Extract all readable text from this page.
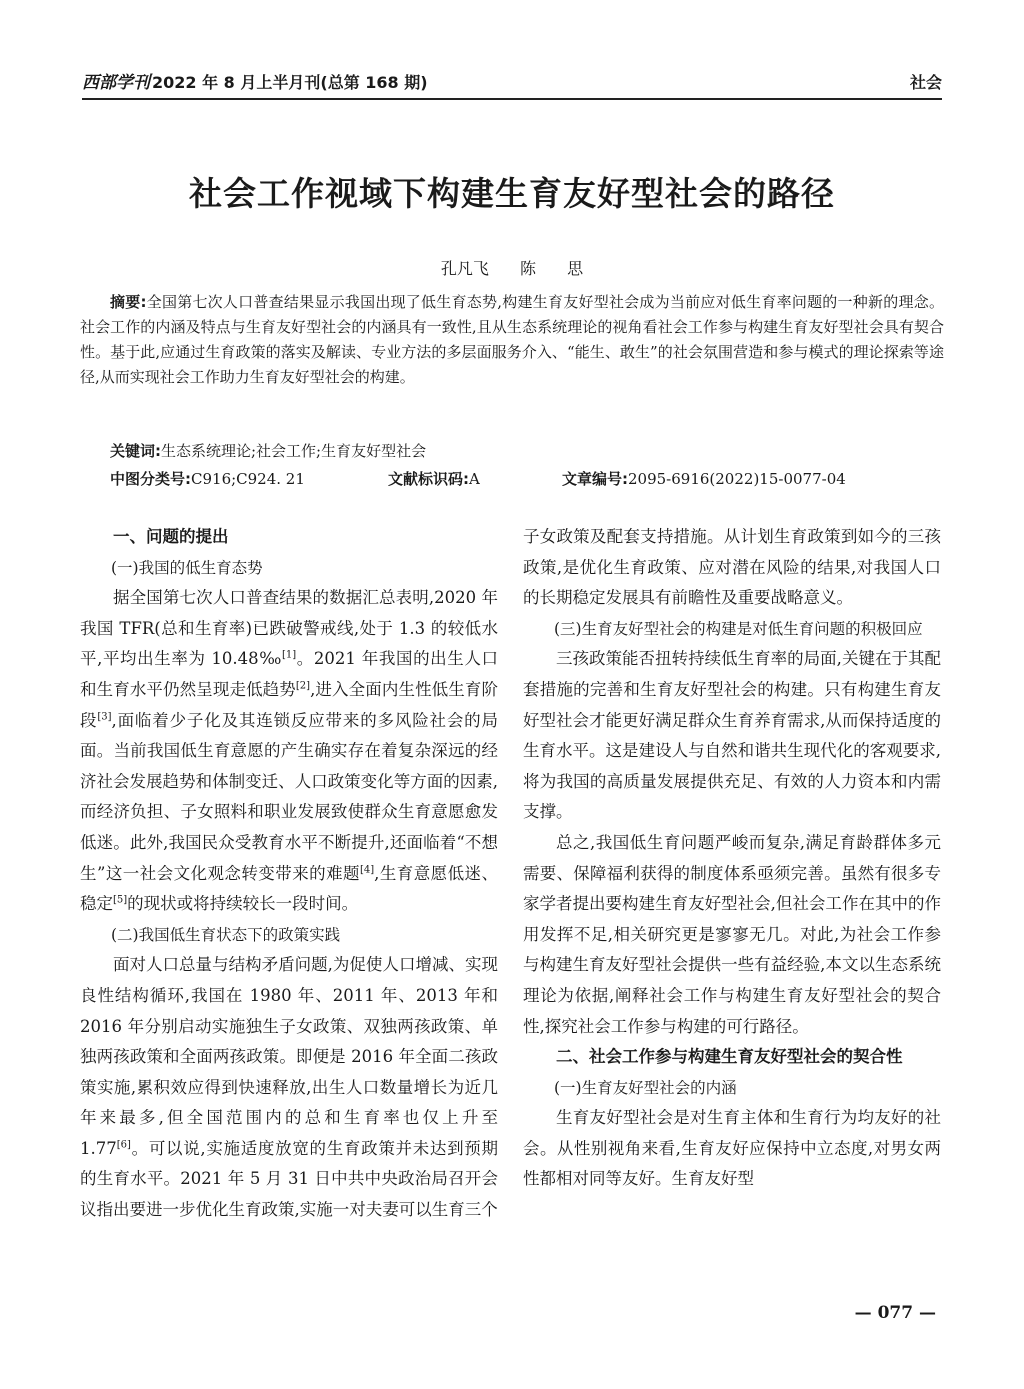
西部学刊 2022 年 8 月上半月刊(总第 168 期)	社会
社会工作视域下构建生育友好型社会的路径
孔凡飞 陈 思
摘要:全国第七次人口普查结果显示我国出现了低生育态势,构建生育友好型社会成为当前应对低生育率问题的一种新的理念。社会工作的内涵及特点与生育友好型社会的内涵具有一致性,且从生态系统理论的视角看社会工作参与构建生育友好型社会具有契合性。基于此,应通过生育政策的落实及解读、专业方法的多层面服务介入、“能生、敢生”的社会氛围营造和参与模式的理论探索等途径,从而实现社会工作助力生育友好型社会的构建。
关键词:生态系统理论;社会工作;生育友好型社会
中图分类号:C916;C924. 21	文献标识码:A	文章编号:2095-6916(2022)15-0077-04
一、问题的提出
(一)我国的低生育态势

据全国第七次人口普查结果的数据汇总表明,2020 年我国 TFR(总和生育率)已跌破警戒线,处于 1.3 的较低水平,平均出生率为 10.48‰[1]。2021 年我国的出生人口和生育水平仍然呈现走低趋势[2],进入全面内生性低生育阶段[3],面临着少子化及其连锁反应带来的多风险社会的局面。当前我国低生育意愿的产生确实存在着复杂深远的经济社会发展趋势和体制变迁、人口政策变化等方面的因素,而经济负担、子女照料和职业发展致使群众生育意愿愈发低迷。此外,我国民众受教育水平不断提升,还面临着“不想生”这一社会文化观念转变带来的难题[4],生育意愿低迷、稳定[5]的现状或将持续较长一段时间。

(二)我国低生育状态下的政策实践

面对人口总量与结构矛盾问题,为促使人口增减、实现良性结构循环,我国在 1980 年、2011 年、2013 年和 2016 年分别启动实施独生子女政策、双独两孩政策、单独两孩政策和全面两孩政策。即便是 2016 年全面二孩政策实施,累积效应得到快速释放,出生人口数量增长为近几年来最多,但全国范围内的总和生育率也仅上升至 1.77[6]。可以说,实施适度放宽的生育政策并未达到预期的生育水平。2021 年 5 月 31 日中共中央政治局召开会议指出要进一步优化生育政策,实施一对夫妻可以生育三个

子女政策及配套支持措施。从计划生育政策到如今的三孩政策,是优化生育政策、应对潜在风险的结果,对我国人口的长期稳定发展具有前瞻性及重要战略意义。

(三)生育友好型社会的构建是对低生育问题的积极回应

三孩政策能否扭转持续低生育率的局面,关键在于其配套措施的完善和生育友好型社会的构建。只有构建生育友好型社会才能更好满足群众生育养育需求,从而保持适度的生育水平。这是建设人与自然和谐共生现代化的客观要求,将为我国的高质量发展提供充足、有效的人力资本和内需支撑。

总之,我国低生育问题严峻而复杂,满足育龄群体多元需要、保障福利获得的制度体系亟须完善。虽然有很多专家学者提出要构建生育友好型社会,但社会工作在其中的作用发挥不足,相关研究更是寥寥无几。对此,为社会工作参与构建生育友好型社会提供一些有益经验,本文以生态系统理论为依据,阐释社会工作与构建生育友好型社会的契合性,探究社会工作参与构建的可行路径。

二、社会工作参与构建生育友好型社会的契合性
(一)生育友好型社会的内涵

生育友好型社会是对生育主体和生育行为均友好的社会。从性别视角来看,生育友好应保持中立态度,对男女两性都相对同等友好。生育友好型

— 077 —
